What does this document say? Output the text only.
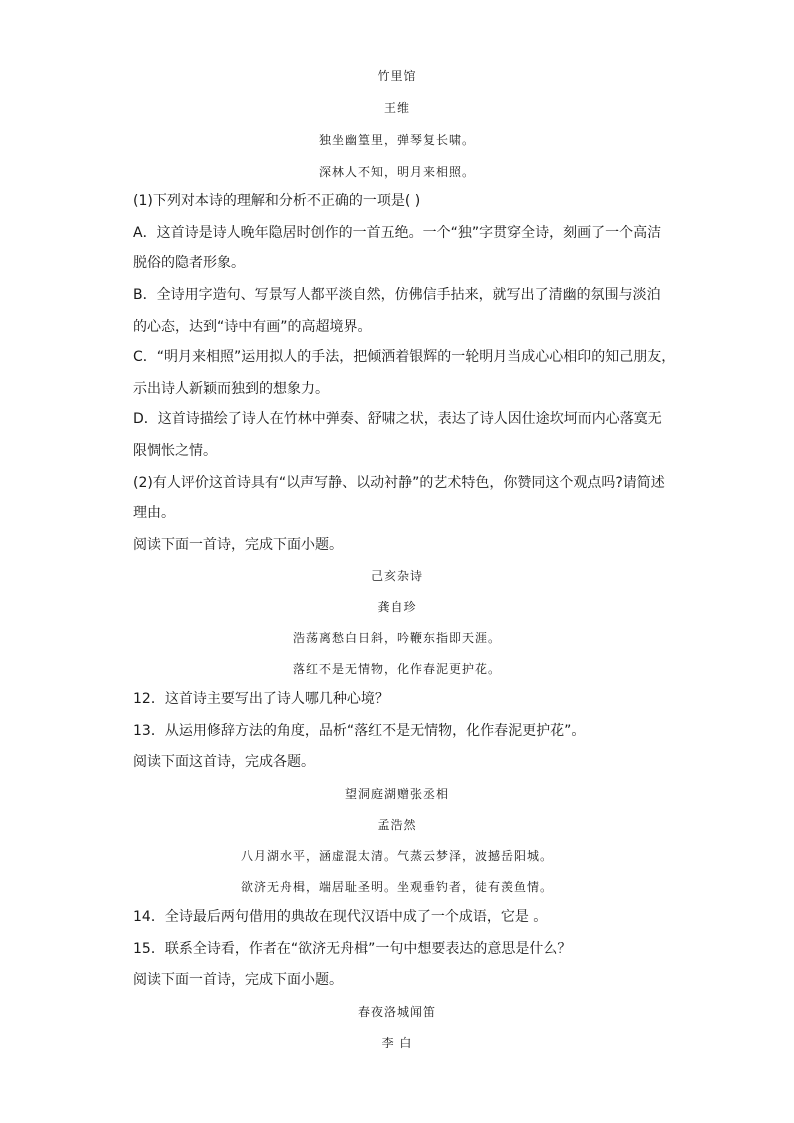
竹里馆
王维
独坐幽篁里，弹琴复长啸。
深林人不知，明月来相照。
(1)下列对本诗的理解和分析不正确的一项是( )
A．这首诗是诗人晚年隐居时创作的一首五绝。一个“独”字贯穿全诗，刻画了一个高洁
脱俗的隐者形象。
B．全诗用字造句、写景写人都平淡自然，仿佛信手拈来，就写出了清幽的氛围与淡泊
的心态，达到“诗中有画”的高超境界。
C．“明月来相照”运用拟人的手法，把倾洒着银辉的一轮明月当成心心相印的知己朋友，
示出诗人新颖而独到的想象力。
D．这首诗描绘了诗人在竹林中弹奏、舒啸之状，表达了诗人因仕途坎坷而内心落寞无
限惆怅之情。
(2)有人评价这首诗具有“以声写静、以动衬静”的艺术特色，你赞同这个观点吗?请简述
理由。
阅读下面一首诗，完成下面小题。
己亥杂诗
龚自珍
浩荡离愁白日斜，吟鞭东指即天涯。
落红不是无情物，化作春泥更护花。
12．这首诗主要写出了诗人哪几种心境？
13．从运用修辞方法的角度，品析“落红不是无情物，化作春泥更护花”。
阅读下面这首诗，完成各题。
望洞庭湖赠张丞相
孟浩然
八月湖水平，涵虚混太清。气蒸云梦泽，波撼岳阳城。
欲济无舟楫，端居耻圣明。坐观垂钓者，徒有羡鱼情。
14．全诗最后两句借用的典故在现代汉语中成了一个成语，它是 。
15．联系全诗看，作者在“欲济无舟楫”一句中想要表达的意思是什么？
阅读下面一首诗，完成下面小题。
春夜洛城闻笛
李 白
